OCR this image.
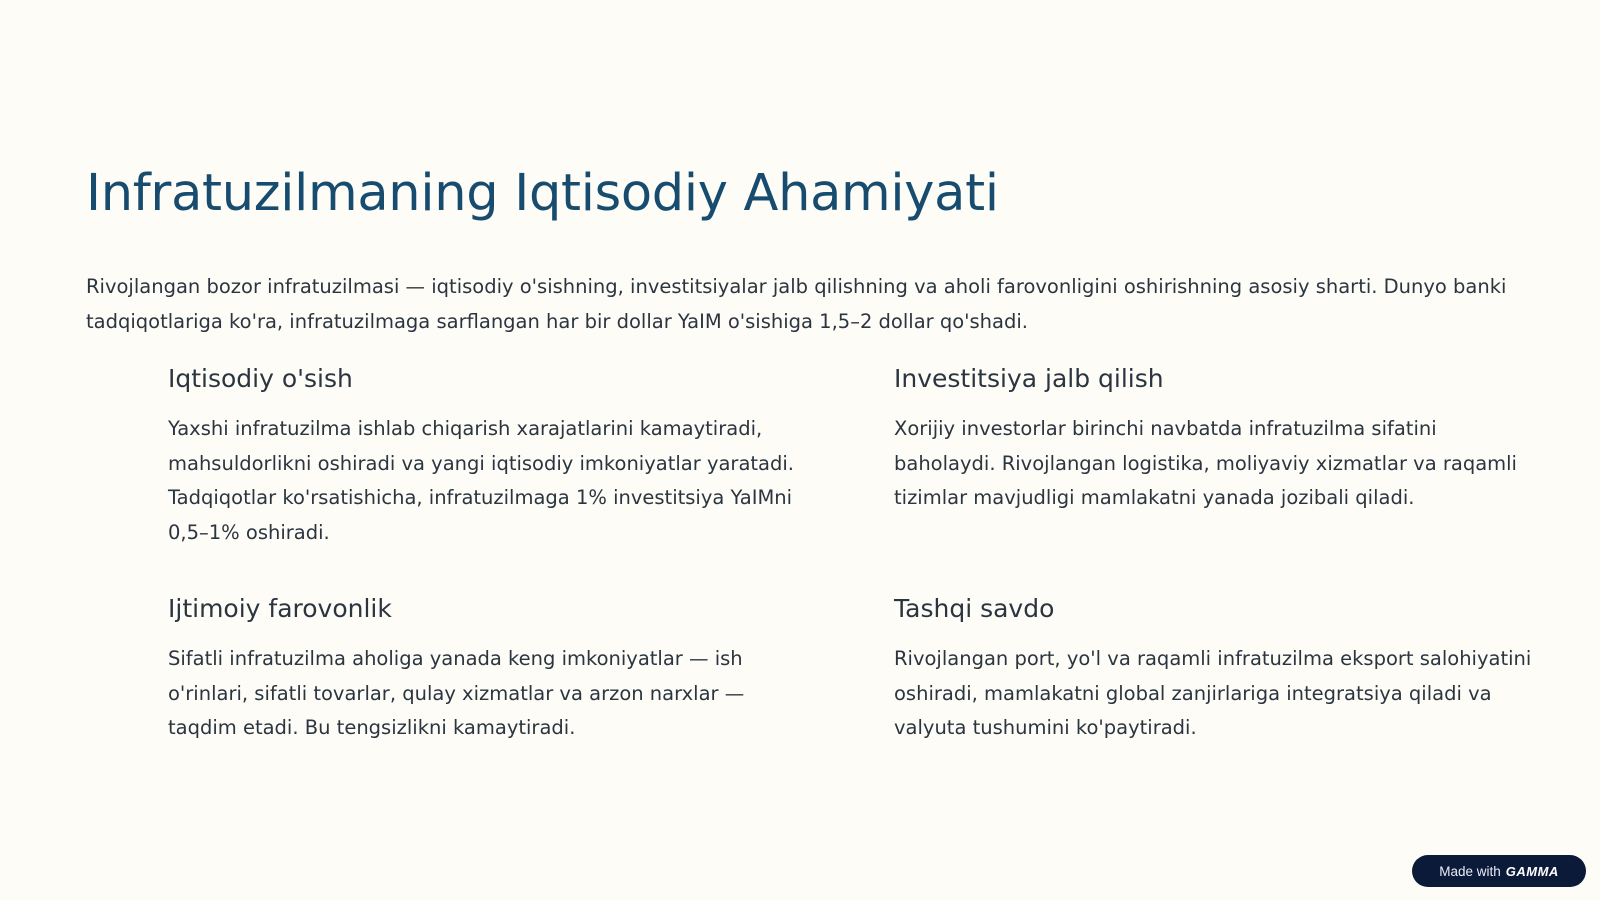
Infratuzilmaning Iqtisodiy Ahamiyati

Rivojlangan bozor infratuzilmasi — iqtisodiy o'sishning, investitsiyalar jalb qilishning va aholi farovonligini oshirishning asosiy sharti. Dunyo banki tadqiqotlariga ko'ra, infratuzilmaga sarflangan har bir dollar YaIM o'sishiga 1,5–2 dollar qo'shadi.

Iqtisodiy o'sish

Yaxshi infratuzilma ishlab chiqarish xarajatlarini kamaytiradi, mahsuldorlikni oshiradi va yangi iqtisodiy imkoniyatlar yaratadi. Tadqiqotlar ko'rsatishicha, infratuzilmaga 1% investitsiya YaIMni 0,5–1% oshiradi.

Investitsiya jalb qilish

Xorijiy investorlar birinchi navbatda infratuzilma sifatini baholaydi. Rivojlangan logistika, moliyaviy xizmatlar va raqamli tizimlar mavjudligi mamlakatni yanada jozibali qiladi.

Ijtimoiy farovonlik

Sifatli infratuzilma aholiga yanada keng imkoniyatlar — ish o'rinlari, sifatli tovarlar, qulay xizmatlar va arzon narxlar — taqdim etadi. Bu tengsizlikni kamaytiradi.

Tashqi savdo

Rivojlangan port, yo'l va raqamli infratuzilma eksport salohiyatini oshiradi, mamlakatni global zanjirlariga integratsiya qiladi va valyuta tushumini ko'paytiradi.

Made with GAMMA
